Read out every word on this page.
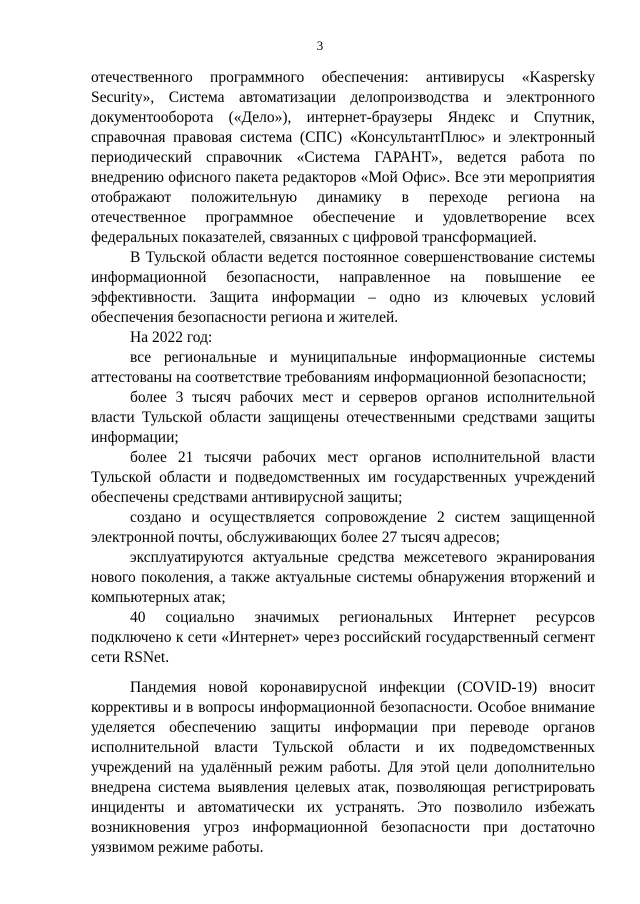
3

отечественного программного обеспечения: антивирусы «Kaspersky Security», Система автоматизации делопроизводства и электронного документооборота («Дело»), интернет-браузеры Яндекс и Спутник, справочная правовая система (СПС) «КонсультантПлюс» и электронный периодический справочник «Система ГАРАНТ», ведется работа по внедрению офисного пакета редакторов «Мой Офис». Все эти мероприятия отображают положительную динамику в переходе региона на отечественное программное обеспечение и удовлетворение всех федеральных показателей, связанных с цифровой трансформацией.

В Тульской области ведется постоянное совершенствование системы информационной безопасности, направленное на повышение ее эффективности. Защита информации – одно из ключевых условий обеспечения безопасности региона и жителей.

На 2022 год:

все региональные и муниципальные информационные системы аттестованы на соответствие требованиям информационной безопасности;

более 3 тысяч рабочих мест и серверов органов исполнительной власти Тульской области защищены отечественными средствами защиты информации;

более 21 тысячи рабочих мест органов исполнительной власти Тульской области и подведомственных им государственных учреждений обеспечены средствами антивирусной защиты;

создано и осуществляется сопровождение 2 систем защищенной электронной почты, обслуживающих более 27 тысяч адресов;

эксплуатируются актуальные средства межсетевого экранирования нового поколения, а также актуальные системы обнаружения вторжений и компьютерных атак;

40 социально значимых региональных Интернет ресурсов подключено к сети «Интернет» через российский государственный сегмент сети RSNet.

Пандемия новой коронавирусной инфекции (COVID-19) вносит коррективы и в вопросы информационной безопасности. Особое внимание уделяется обеспечению защиты информации при переводе органов исполнительной власти Тульской области и их подведомственных учреждений на удалённый режим работы. Для этой цели дополнительно внедрена система выявления целевых атак, позволяющая регистрировать инциденты и автоматически их устранять. Это позволило избежать возникновения угроз информационной безопасности при достаточно уязвимом режиме работы.
